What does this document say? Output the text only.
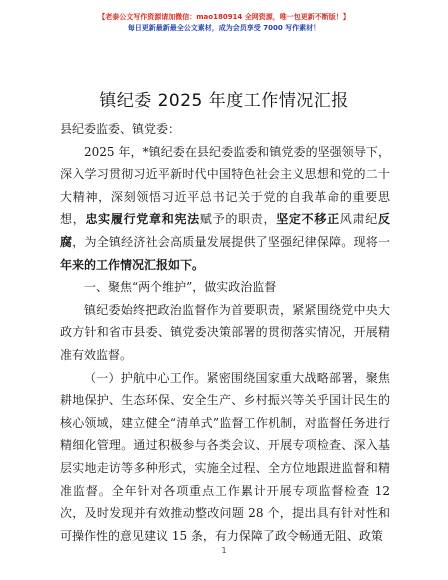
【老泰公文写作资源请加微信：mao180914 全网资源，唯一包更新不断版！】
每日更新最新最全公文素材，成为会员享受 7000 写作素材！
镇纪委 2025 年度工作情况汇报

县纪委监委、镇党委：

2025 年，*镇纪委在县纪委监委和镇党委的坚强领导下，深入学习贯彻习近平新时代中国特色社会主义思想和党的二十大精神，深刻领悟习近平总书记关于党的自我革命的重要思想，忠实履行党章和宪法赋予的职责，坚定不移正风肃纪反腐，为全镇经济社会高质量发展提供了坚强纪律保障。现将一年来的工作情况汇报如下。

一、聚焦“两个维护”，做实政治监督

镇纪委始终把政治监督作为首要职责，紧紧围绕党中央大政方针和省市县委、镇党委决策部署的贯彻落实情况，开展精准有效监督。

（一）护航中心工作。紧密围绕国家重大战略部署，聚焦耕地保护、生态环保、安全生产、乡村振兴等关乎国计民生的核心领域，建立健全“清单式”监督工作机制，对监督任务进行精细化管理。通过积极参与各类会议、开展专项检查、深入基层实地走访等多种形式，实施全过程、全方位地跟进监督和精准监督。全年针对各项重点工作累计开展专项监督检查 12 次，及时发现并有效推动整改问题 28 个，提出具有针对性和可操作性的意见建议 15 条，有力保障了政令畅通无阻、政策

1
